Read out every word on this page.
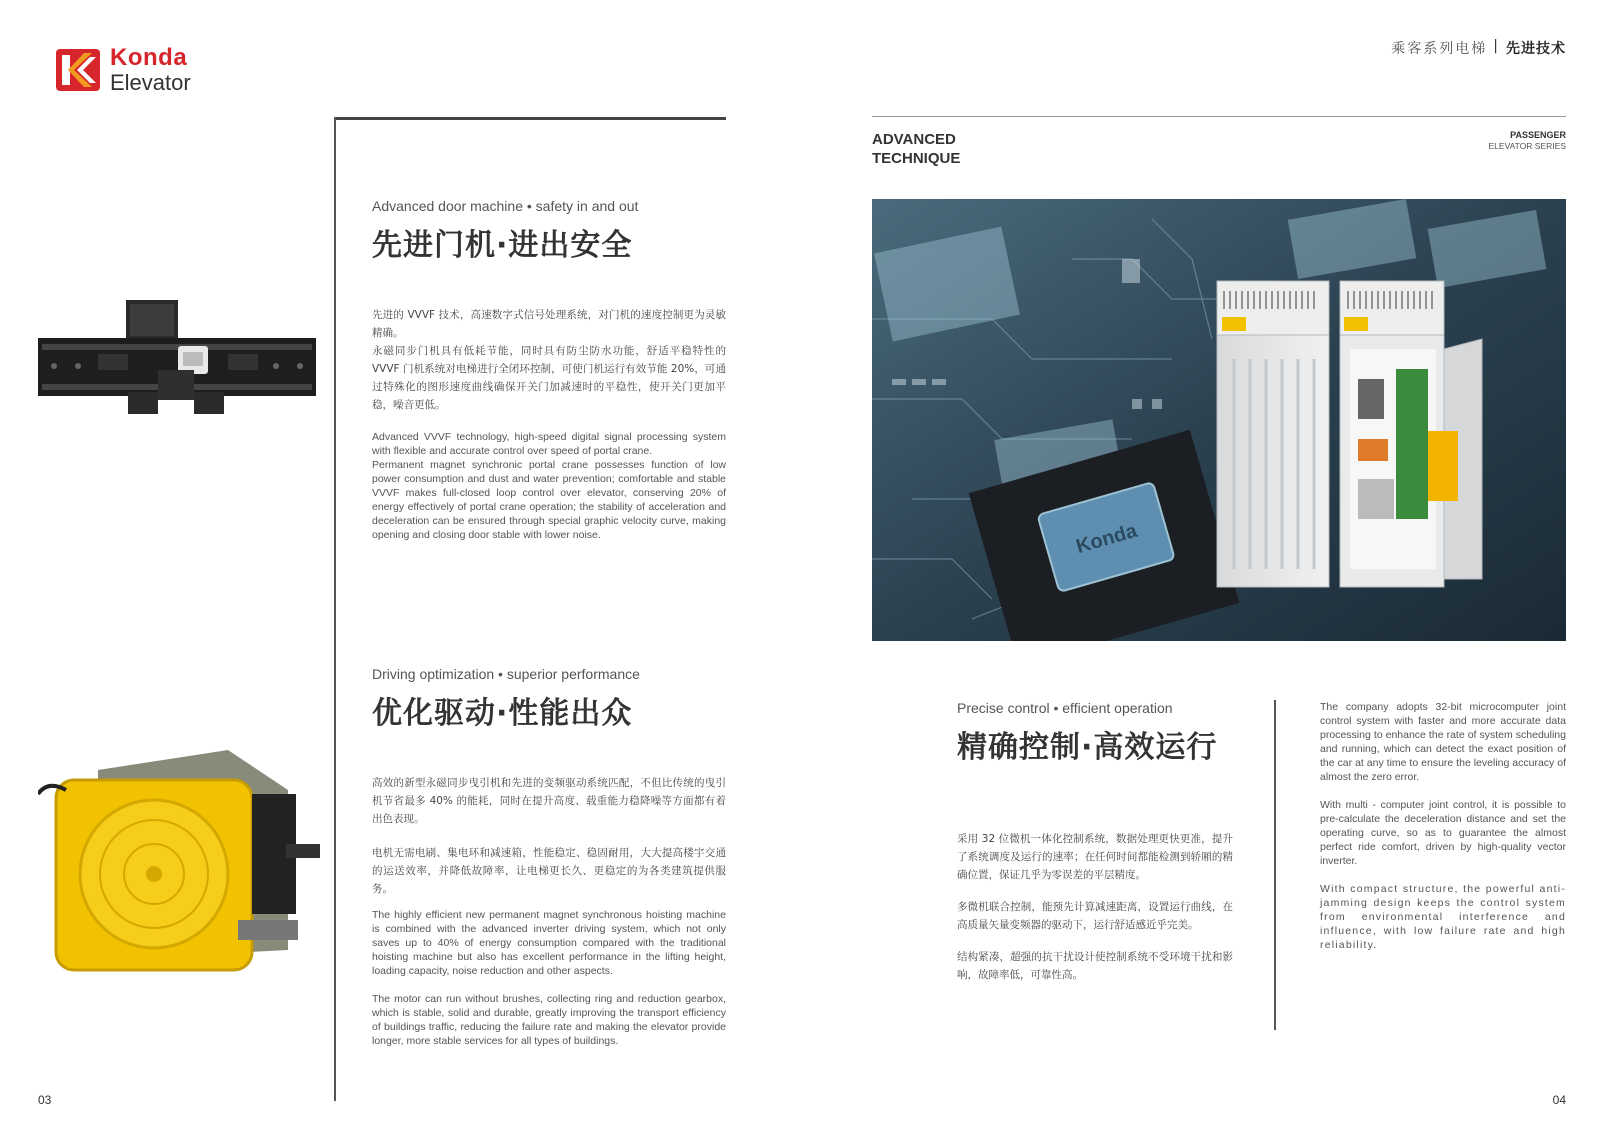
Konda
Elevator
乘客系列电梯 | 先进技术
Advanced door machine • safety in and out
先进门机·进出安全

先进的 VVVF 技术，高速数字式信号处理系统，对门机的速度控制更为灵敏精确。

永磁同步门机具有低耗节能，同时具有防尘防水功能，舒适平稳特性的 VVVF 门机系统对电梯进行全闭环控制，可使门机运行有效节能 20%，可通过特殊化的图形速度曲线确保开关门加减速时的平稳性，使开关门更加平稳，噪音更低。

Advanced VVVF technology, high-speed digital signal processing system with flexible and accurate control over speed of portal crane.

Permanent magnet synchronic portal crane possesses function of low power consumption and dust and water prevention; comfortable and stable VVVF makes full-closed loop control over elevator, conserving 20% of energy effectively of portal crane operation; the stability of acceleration and deceleration can be ensured through special graphic velocity curve, making opening and closing door stable with lower noise.

Driving optimization • superior performance
优化驱动·性能出众

高效的新型永磁同步曳引机和先进的变频驱动系统匹配，不但比传统的曳引机节省最多 40% 的能耗，同时在提升高度、载重能力稳降噪等方面都有着出色表现。

电机无需电刷、集电环和减速箱，性能稳定、稳固耐用，大大提高楼宇交通的运送效率，并降低故障率，让电梯更长久、更稳定的为各类建筑提供服务。

The highly efficient new permanent magnet synchronous hoisting machine is combined with the advanced inverter driving system, which not only saves up to 40% of energy consumption compared with the traditional hoisting machine but also has excellent performance in the lifting height, loading capacity, noise reduction and other aspects.

The motor can run without brushes, collecting ring and reduction gearbox, which is stable, solid and durable, greatly improving the transport efficiency of buildings traffic, reducing the failure rate and making the elevator provide longer, more stable services for all types of buildings.

03
ADVANCED
TECHNIQUE
PASSENGER
ELEVATOR SERIES
Konda
Precise control • efficient operation
精确控制·高效运行

采用 32 位微机一体化控制系统，数据处理更快更准，提升了系统调度及运行的速率；在任何时间都能检测到轿厢的精确位置，保证几乎为零误差的平层精度。

多微机联合控制，能预先计算减速距离，设置运行曲线，在高质量矢量变频器的驱动下，运行舒适感近乎完美。

结构紧凑，超强的抗干扰设计使控制系统不受环境干扰和影响，故障率低，可靠性高。

The company adopts 32-bit microcomputer joint control system with faster and more accurate data processing to enhance the rate of system scheduling and running, which can detect the exact position of the car at any time to ensure the leveling accuracy of almost the zero error.

With multi - computer joint control, it is possible to pre-calculate the deceleration distance and set the operating curve, so as to guarantee the almost perfect ride comfort, driven by high-quality vector inverter.

With compact structure, the powerful anti-jamming design keeps the control system from environmental interference and influence, with low failure rate and high reliability.

04
